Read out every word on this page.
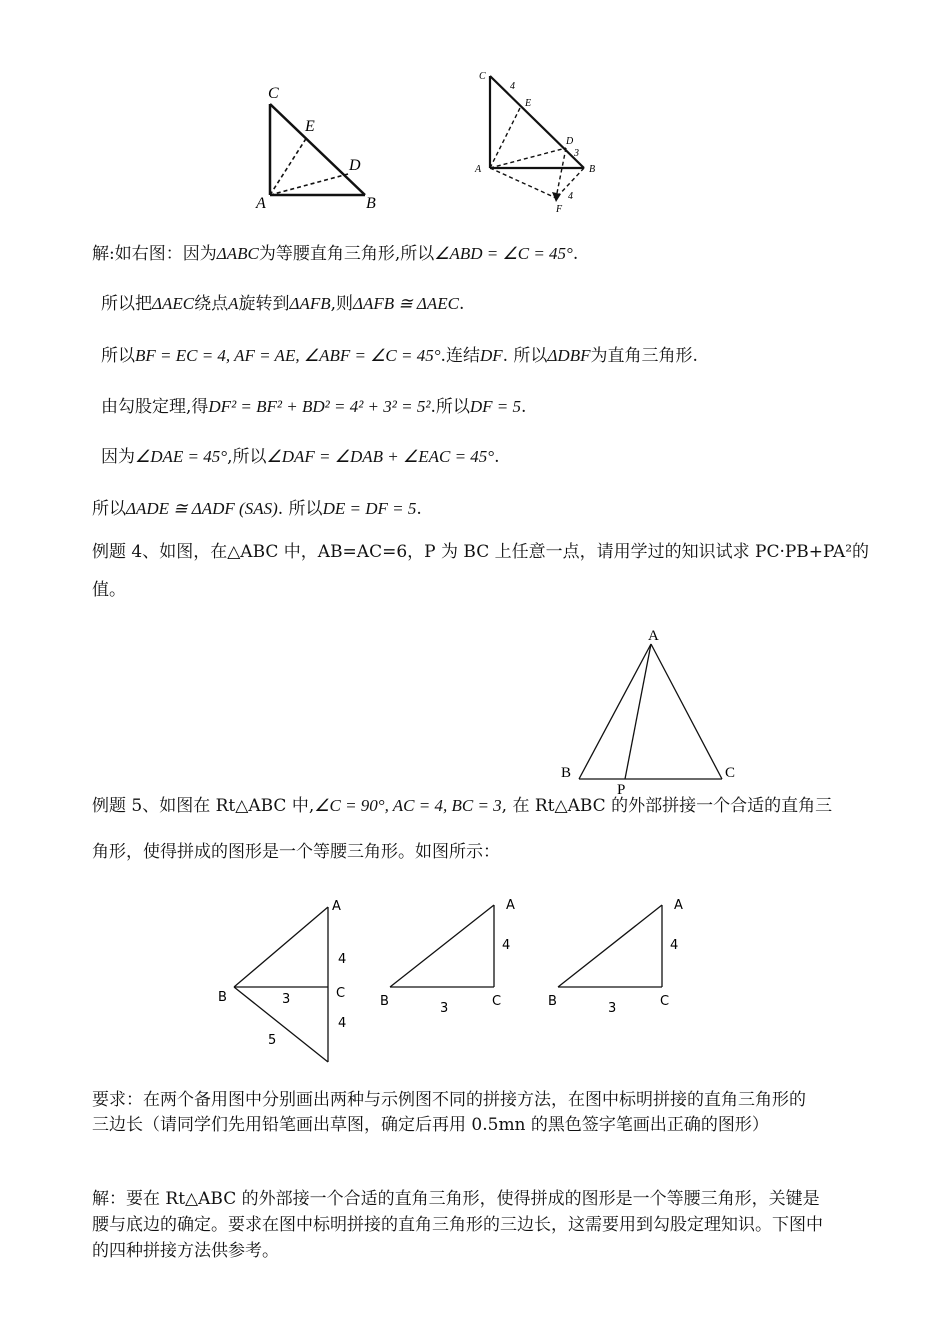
C
E
D
A	B
C
4
E
D
3
A	B
4
F
解:如右图：因为ΔABC为等腰直角三角形,所以∠ABD = ∠C = 45°.
所以把ΔAEC绕点A旋转到ΔAFB,则ΔAFB ≅ ΔAEC.
所以BF = EC = 4, AF = AE, ∠ABF = ∠C = 45°.连结DF. 所以ΔDBF为直角三角形.
由勾股定理,得DF² = BF² + BD² = 4² + 3² = 5².所以DF = 5.
因为∠DAE = 45°,所以∠DAF = ∠DAB + ∠EAC = 45°.
所以ΔADE ≅ ΔADF (SAS). 所以DE = DF = 5.
例题 4、如图，在△ABC 中，AB=AC=6，P 为 BC 上任意一点，请用学过的知识试求 PC·PB+PA²的
值。
A
B
P
C
例题 5、如图在 Rt△ABC 中,∠C = 90°, AC = 4, BC = 3, 在 Rt△ABC 的外部拼接一个合适的直角三
角形，使得拼成的图形是一个等腰三角形。如图所示：
A
4
B	3	C
4
5
A
4
B	3	C
A
4
B	3	C
要求：在两个备用图中分别画出两种与示例图不同的拼接方法，在图中标明拼接的直角三角形的
三边长（请同学们先用铅笔画出草图，确定后再用 0.5mn 的黑色签字笔画出正确的图形）
解：要在 Rt△ABC 的外部接一个合适的直角三角形，使得拼成的图形是一个等腰三角形，关键是
腰与底边的确定。要求在图中标明拼接的直角三角形的三边长，这需要用到勾股定理知识。下图中
的四种拼接方法供参考。
